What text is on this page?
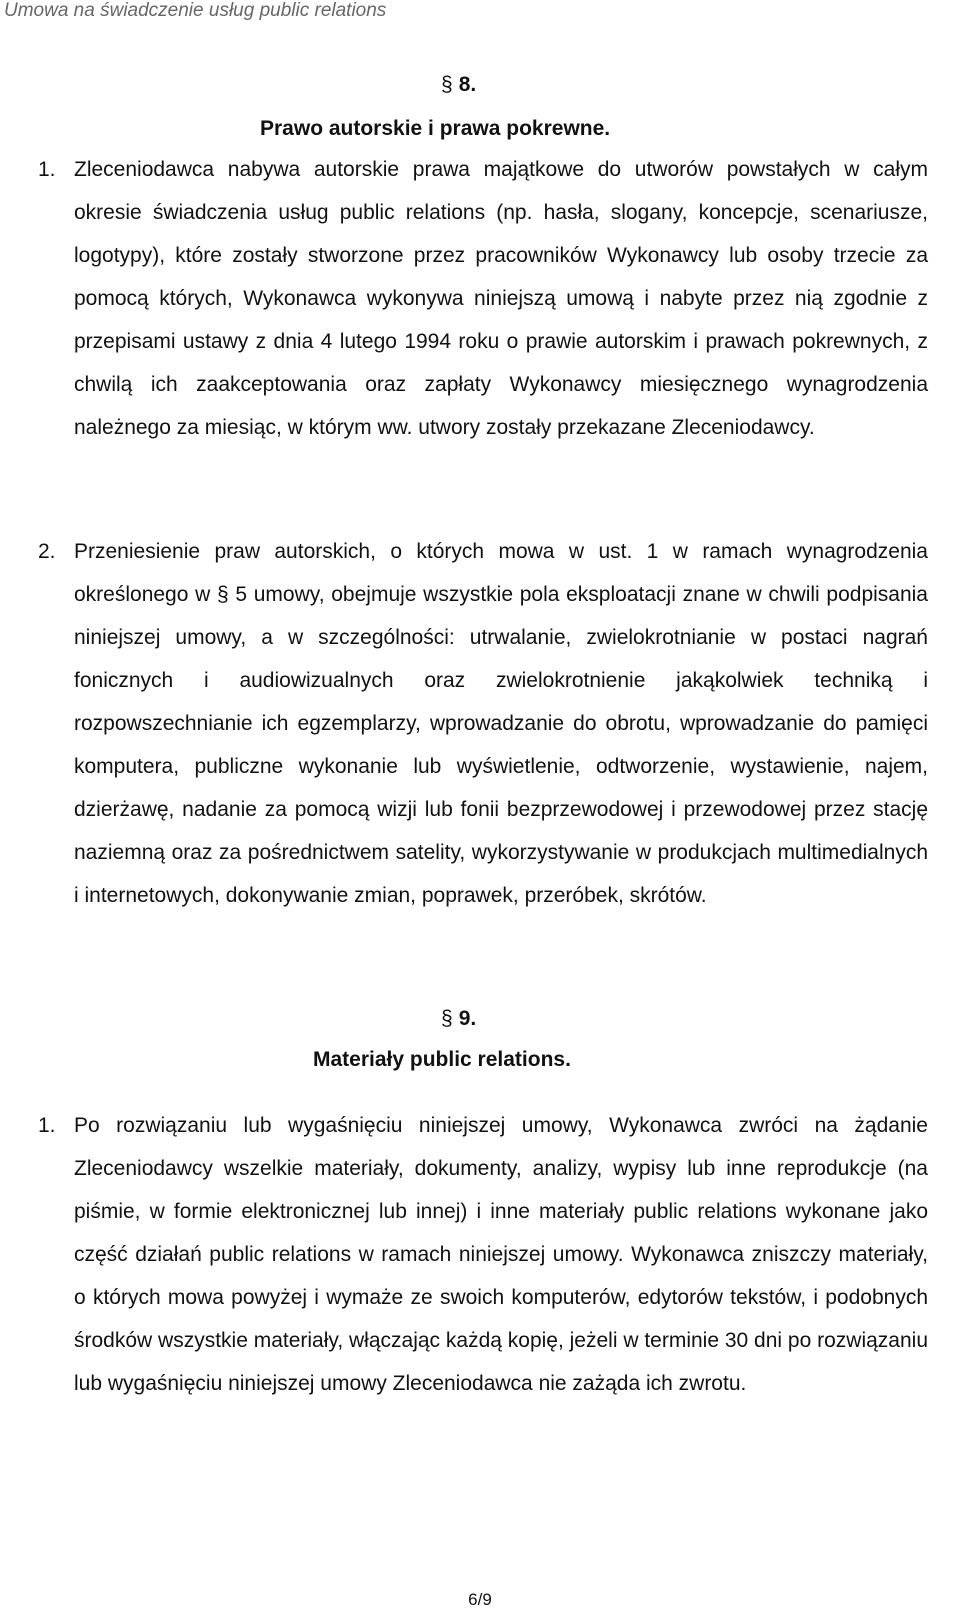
Umowa na świadczenie usług public relations
§ 8.
Prawo autorskie i prawa pokrewne.
1. Zleceniodawca nabywa autorskie prawa majątkowe do utworów powstałych w całym okresie świadczenia usług public relations (np. hasła, slogany, koncepcje, scenariusze, logotypy), które zostały stworzone przez pracowników Wykonawcy lub osoby trzecie za pomocą których, Wykonawca wykonywa niniejszą umową i nabyte przez nią zgodnie z przepisami ustawy z dnia 4 lutego 1994 roku o prawie autorskim i prawach pokrewnych, z chwilą ich zaakceptowania oraz zapłaty Wykonawcy miesięcznego wynagrodzenia należnego za miesiąc, w którym ww. utwory zostały przekazane Zleceniodawcy.
2. Przeniesienie praw autorskich, o których mowa w ust. 1 w ramach wynagrodzenia określonego w § 5 umowy, obejmuje wszystkie pola eksploatacji znane w chwili podpisania niniejszej umowy, a w szczególności: utrwalanie, zwielokrotnianie w postaci nagrań fonicznych i audiowizualnych oraz zwielokrotnienie jakąkolwiek techniką i rozpowszechnianie ich egzemplarzy, wprowadzanie do obrotu, wprowadzanie do pamięci komputera, publiczne wykonanie lub wyświetlenie, odtworzenie, wystawienie, najem, dzierżawę, nadanie za pomocą wizji lub fonii bezprzewodowej i przewodowej przez stację naziemną oraz za pośrednictwem satelity, wykorzystywanie w produkcjach multimedialnych i internetowych, dokonywanie zmian, poprawek, przeróbek, skrótów.
§ 9.
Materiały public relations.
1. Po rozwiązaniu lub wygaśnięciu niniejszej umowy, Wykonawca zwróci na żądanie Zleceniodawcy wszelkie materiały, dokumenty, analizy, wypisy lub inne reprodukcje (na piśmie, w formie elektronicznej lub innej) i inne materiały public relations wykonane jako część działań public relations w ramach niniejszej umowy. Wykonawca zniszczy materiały, o których mowa powyżej i wymaże ze swoich komputerów, edytorów tekstów, i podobnych środków wszystkie materiały, włączając każdą kopię, jeżeli w terminie 30 dni po rozwiązaniu lub wygaśnięciu niniejszej umowy Zleceniodawca nie zażąda ich zwrotu.
6/9
